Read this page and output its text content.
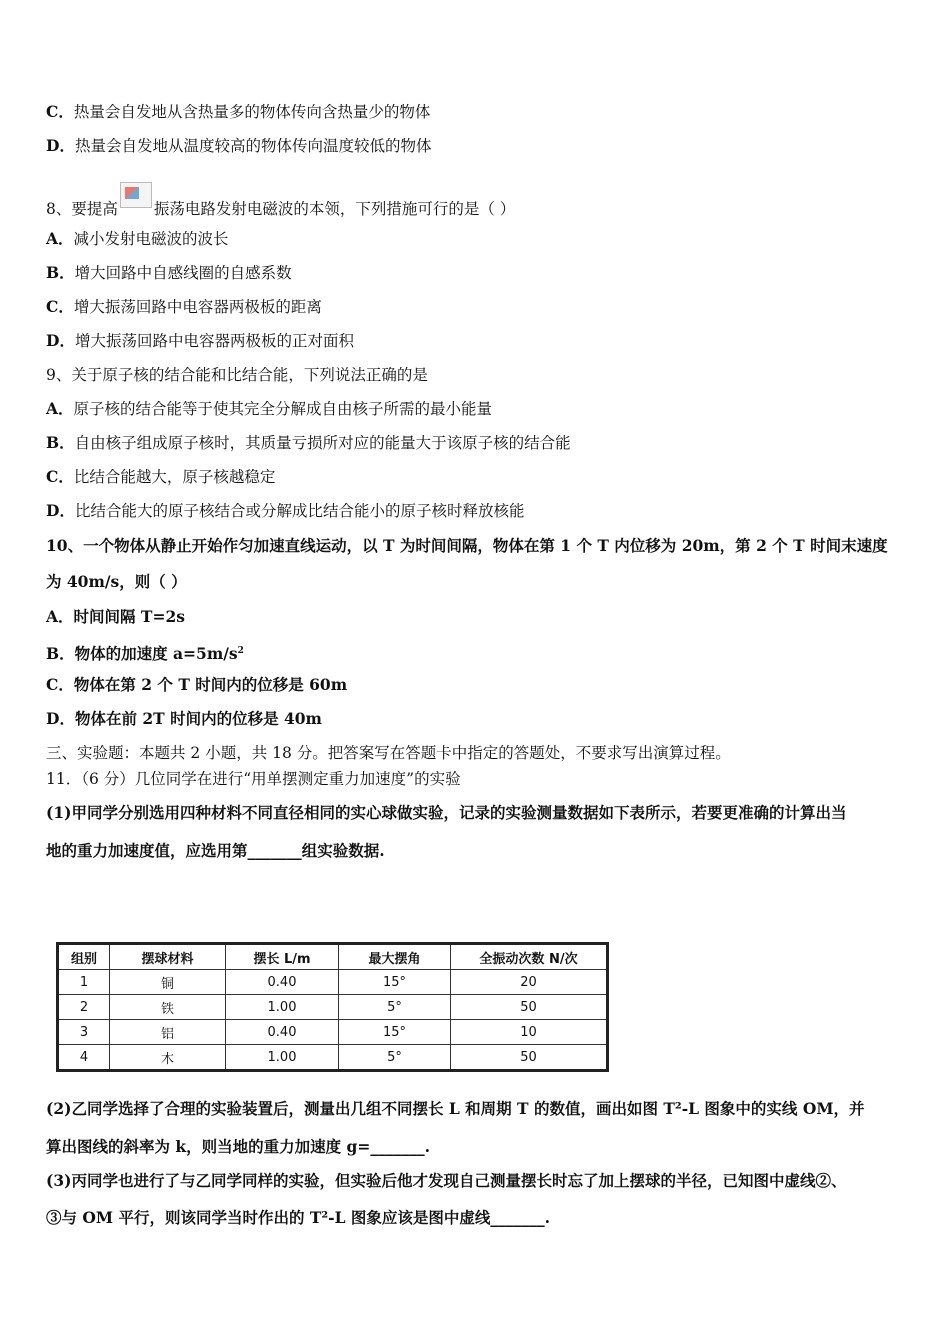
C．热量会自发地从含热量多的物体传向含热量少的物体
D．热量会自发地从温度较高的物体传向温度较低的物体
8、要提高 振荡电路发射电磁波的本领，下列措施可行的是（ ）
A．减小发射电磁波的波长
B．增大回路中自感线圈的自感系数
C．增大振荡回路中电容器两极板的距离
D．增大振荡回路中电容器两极板的正对面积
9、关于原子核的结合能和比结合能，下列说法正确的是
A．原子核的结合能等于使其完全分解成自由核子所需的最小能量
B．自由核子组成原子核时，其质量亏损所对应的能量大于该原子核的结合能
C．比结合能越大，原子核越稳定
D．比结合能大的原子核结合或分解成比结合能小的原子核时释放核能
10、一个物体从静止开始作匀加速直线运动，以 T 为时间间隔，物体在第 1 个 T 内位移为 20m，第 2 个 T 时间末速度
为 40m/s，则（ ）
A．时间间隔 T=2s
B．物体的加速度 $a=5m/s^2$
C．物体在第 2 个 T 时间内的位移是 60m
D．物体在前 2T 时间内的位移是 40m
三、实验题：本题共 2 小题，共 18 分。把答案写在答题卡中指定的答题处，不要求写出演算过程。
11．（6 分）几位同学在进行“用单摆测定重力加速度”的实验
(1)甲同学分别选用四种材料不同直径相同的实心球做实验，记录的实验测量数据如下表所示，若要更准确的计算出当
地的重力加速度值，应选用第_______组实验数据.
组别	摆球材料	摆长 L/m	最大摆角	全振动次数 N/次
1	铜	0.40	15°	20
2	铁	1.00	5°	50
3	铝	0.40	15°	10
4	木	1.00	5°	50
(2)乙同学选择了合理的实验装置后，测量出几组不同摆长 L 和周期 T 的数值，画出如图 T²-L 图象中的实线 OM，并
算出图线的斜率为 k，则当地的重力加速度 g=_______.
(3)丙同学也进行了与乙同学同样的实验，但实验后他才发现自己测量摆长时忘了加上摆球的半径，已知图中虚线②、
③与 OM 平行，则该同学当时作出的 T²-L 图象应该是图中虚线_______.
